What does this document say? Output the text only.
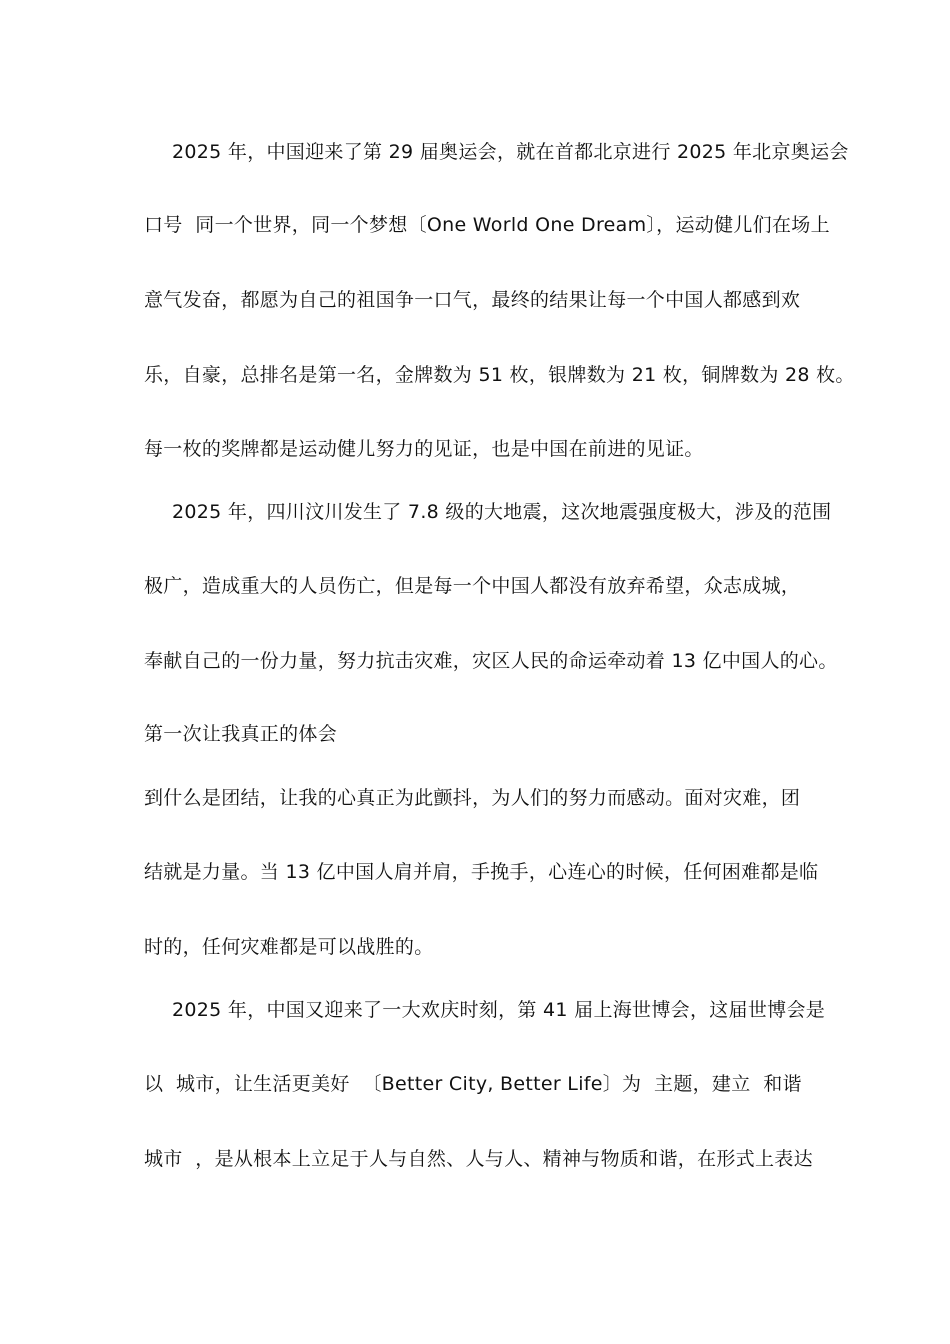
2025 年，中国迎来了第 29 届奥运会，就在首都北京进行 2025 年北京奥运会
口号  同一个世界，同一个梦想〔One World One Dream〕，运动健儿们在场上
意气发奋，都愿为自己的祖国争一口气，最终的结果让每一个中国人都感到欢
乐，自豪，总排名是第一名，金牌数为 51 枚，银牌数为 21 枚，铜牌数为 28 枚。
每一枚的奖牌都是运动健儿努力的见证，也是中国在前进的见证。
2025 年，四川汶川发生了 7.8 级的大地震，这次地震强度极大，涉及的范围
极广，造成重大的人员伤亡，但是每一个中国人都没有放弃希望，众志成城，
奉献自己的一份力量，努力抗击灾难，灾区人民的命运牵动着 13 亿中国人的心。
第一次让我真正的体会
到什么是团结，让我的心真正为此颤抖，为人们的努力而感动。面对灾难，团
结就是力量。当 13 亿中国人肩并肩，手挽手，心连心的时候，任何困难都是临
时的，任何灾难都是可以战胜的。
2025 年，中国又迎来了一大欢庆时刻，第 41 届上海世博会，这届世博会是
以  城市，让生活更美好  〔Better City, Better Life〕为  主题，建立  和谐
城市  ，是从根本上立足于人与自然、人与人、精神与物质和谐，在形式上表达
